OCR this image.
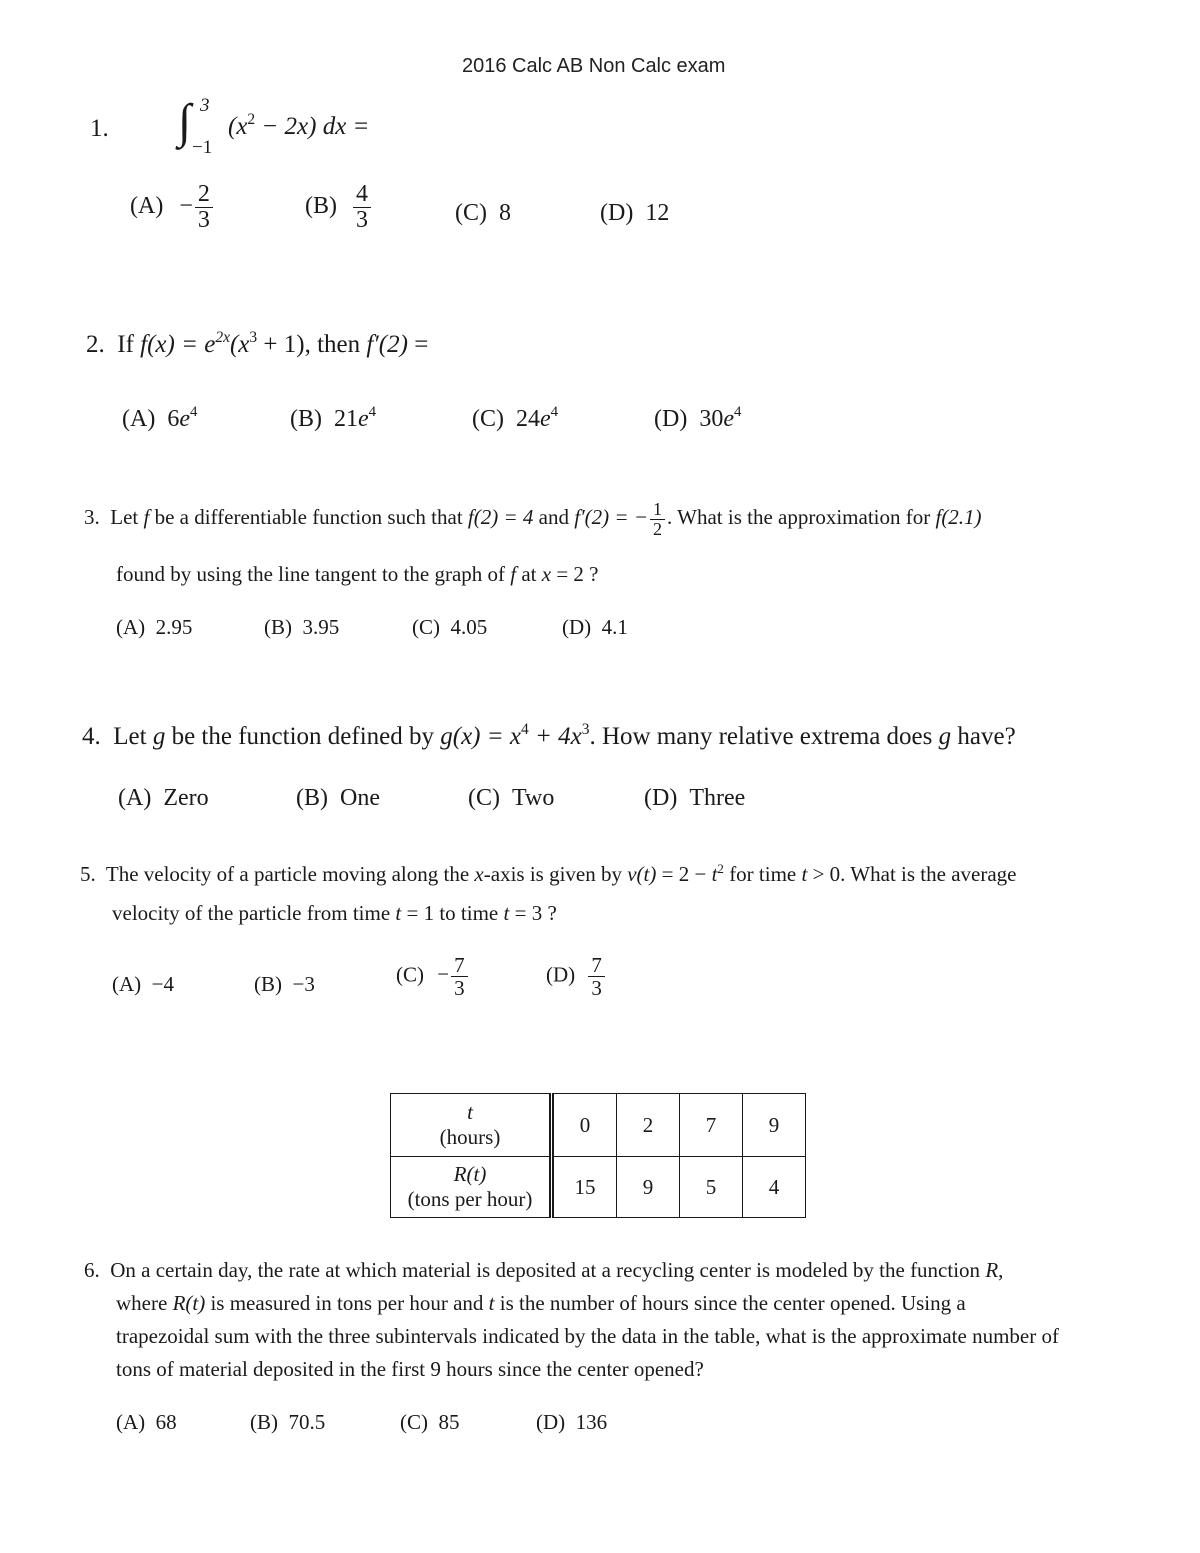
2016 Calc AB Non Calc exam
1. ∫ 3
−1
$(x^2 - 2x)$ dx =
$(A) - \frac{2}{3}$	$(B) \frac{4}{3}$	(C) 8	(D) 12
2. If $f(x) = e^{2x}(x^3 + 1)$, then f′(2) =
(A) $6e^4$	(B) $21e^4$	(C) $24e^4$	(D) $30e^4$
3. Let f be a differentiable function such that f(2) = 4 and f′(2) = − $\frac{1}{2}$ . What is the approximation for f(2.1)
found by using the line tangent to the graph of f at x = 2 ?
(A) 2.95	(B) 3.95	(C) 4.05	(D) 4.1
4. Let g be the function defined by $g(x) = x^4 + 4x^3$. How many relative extrema does g have?
(A) Zero	(B) One	(C) Two	(D) Three
5. The velocity of a particle moving along the x-axis is given by $v(t) = 2 - t^2$ for time t > 0. What is the average
velocity of the particle from time t = 1 to time t = 3 ?
(A) −4	(B) −3	$(C) - \frac{7}{3}$	$(D) \frac{7}{3}$
t
(hours)	0	2	7	9
R(t)
(tons per hour)	15	9	5	4
6. On a certain day, the rate at which material is deposited at a recycling center is modeled by the function R,
where R(t) is measured in tons per hour and t is the number of hours since the center opened. Using a
trapezoidal sum with the three subintervals indicated by the data in the table, what is the approximate number of
tons of material deposited in the first 9 hours since the center opened?
(A) 68	(B) 70.5	(C) 85	(D) 136
